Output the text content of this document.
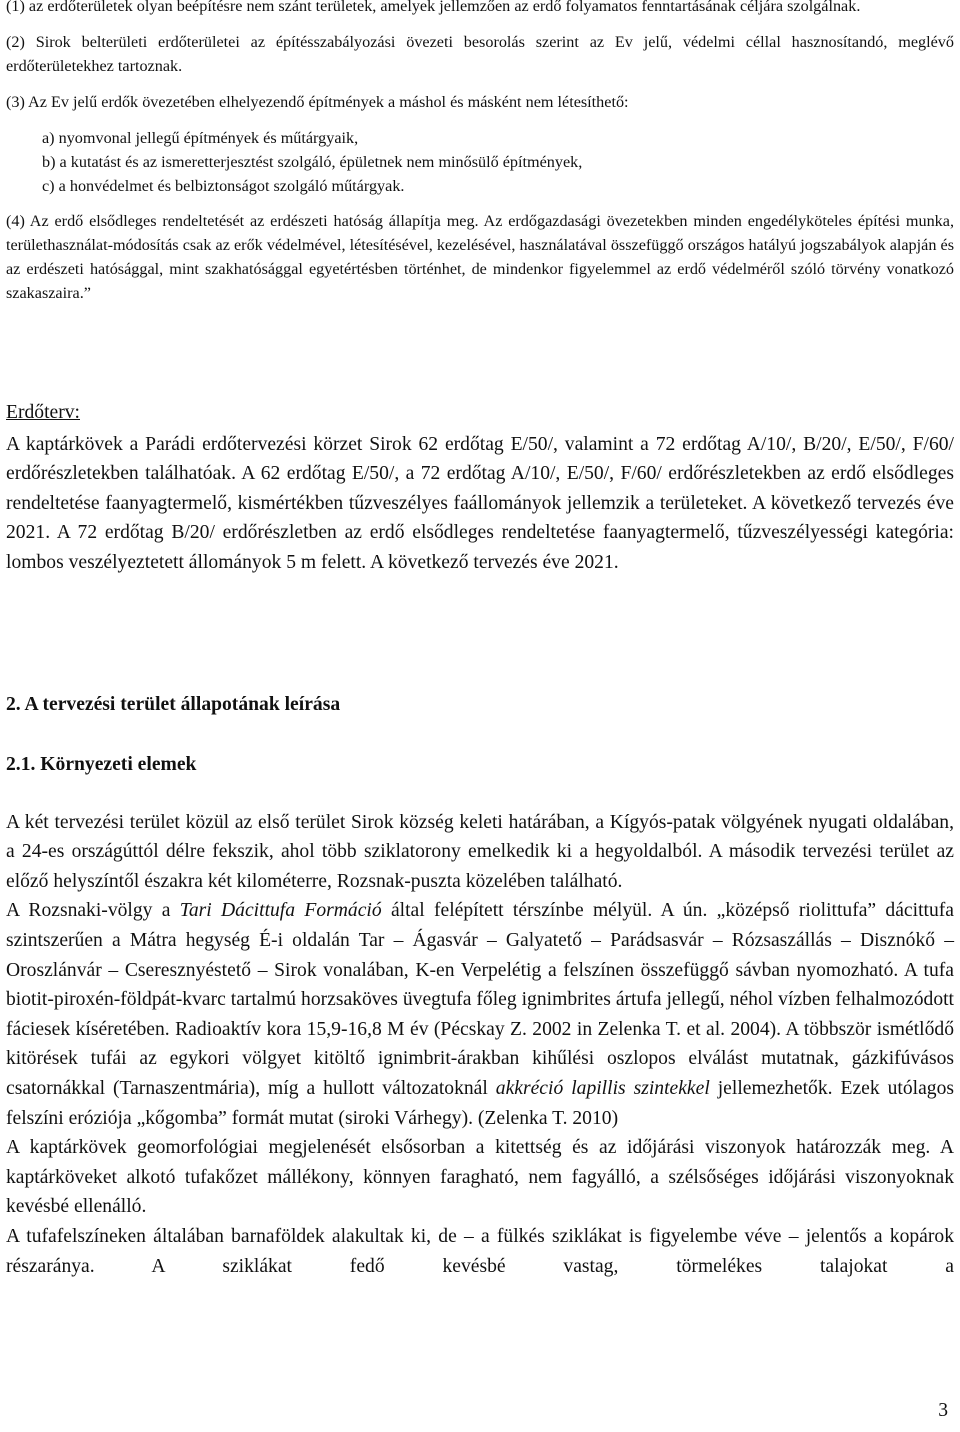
(1) az erdőterületek olyan beépítésre nem szánt területek, amelyek jellemzően az erdő folyamatos fenntartásának céljára szolgálnak.

(2) Sirok belterületi erdőterületei az építésszabályozási övezeti besorolás szerint az Ev jelű, védelmi céllal hasznosítandó, meglévő erdőterületekhez tartoznak.

(3) Az Ev jelű erdők övezetében elhelyezendő építmények a máshol és másként nem létesíthető:

a) nyomvonal jellegű építmények és műtárgyaik,

b) a kutatást és az ismeretterjesztést szolgáló, épületnek nem minősülő építmények,

c) a honvédelmet és belbiztonságot szolgáló műtárgyak.

(4) Az erdő elsődleges rendeltetését az erdészeti hatóság állapítja meg. Az erdőgazdasági övezetekben minden engedélyköteles építési munka, területhasználat-módosítás csak az erők védelmével, létesítésével, kezelésével, használatával összefüggő országos hatályú jogszabályok alapján és az erdészeti hatósággal, mint szakhatósággal egyetértésben történhet, de mindenkor figyelemmel az erdő védelméről szóló törvény vonatkozó szakaszaira.”

Erdőterv:

A kaptárkövek a Parádi erdőtervezési körzet Sirok 62 erdőtag E/50/, valamint a 72 erdőtag A/10/, B/20/, E/50/, F/60/ erdőrészletekben találhatóak. A 62 erdőtag E/50/, a 72 erdőtag A/10/, E/50/, F/60/ erdőrészletekben az erdő elsődleges rendeltetése faanyagtermelő, kismértékben tűzveszélyes faállományok jellemzik a területeket. A következő tervezés éve 2021. A 72 erdőtag B/20/ erdőrészletben az erdő elsődleges rendeltetése faanyagtermelő, tűzveszélyességi kategória: lombos veszélyeztetett állományok 5 m felett. A következő tervezés éve 2021.

2. A tervezési terület állapotának leírása
2.1. Környezeti elemek

A két tervezési terület közül az első terület Sirok község keleti határában, a Kígyós-patak völgyének nyugati oldalában, a 24-es országúttól délre fekszik, ahol több sziklatorony emelkedik ki a hegyoldalból. A második tervezési terület az előző helyszíntől északra két kilométerre, Rozsnak-puszta közelében található.

A Rozsnaki-völgy a Tari Dácittufa Formáció által felépített térszínbe mélyül. A ún. „középső riolittufa” dácittufa szintszerűen a Mátra hegység É-i oldalán Tar – Ágasvár – Galyatető – Parádsasvár – Rózsaszállás – Disznókő – Oroszlánvár – Cseresznyéstető – Sirok vonalában, K-en Verpelétig a felszínen összefüggő sávban nyomozható. A tufa biotit-piroxén-földpát-kvarc tartalmú horzsaköves üvegtufa főleg ignimbrites ártufa jellegű, néhol vízben felhalmozódott fáciesek kíséretében. Radioaktív kora 15,9-16,8 M év (Pécskay Z. 2002 in Zelenka T. et al. 2004). A többször ismétlődő kitörések tufái az egykori völgyet kitöltő ignimbrit-árakban kihűlési oszlopos elválást mutatnak, gázkifúvásos csatornákkal (Tarnaszentmária), míg a hullott változatoknál akkréció lapillis szintekkel jellemezhetők. Ezek utólagos felszíni eróziója „kőgomba” formát mutat (siroki Várhegy). (Zelenka T. 2010)

A kaptárkövek geomorfológiai megjelenését elsősorban a kitettség és az időjárási viszonyok határozzák meg. A kaptárköveket alkotó tufakőzet mállékony, könnyen faragható, nem fagyálló, a szélsőséges időjárási viszonyoknak kevésbé ellenálló.

A tufafelszíneken általában barnaföldek alakultak ki, de – a fülkés sziklákat is figyelembe véve – jelentős a kopárok részaránya. A sziklákat fedő kevésbé vastag, törmelékes talajokat a

3
